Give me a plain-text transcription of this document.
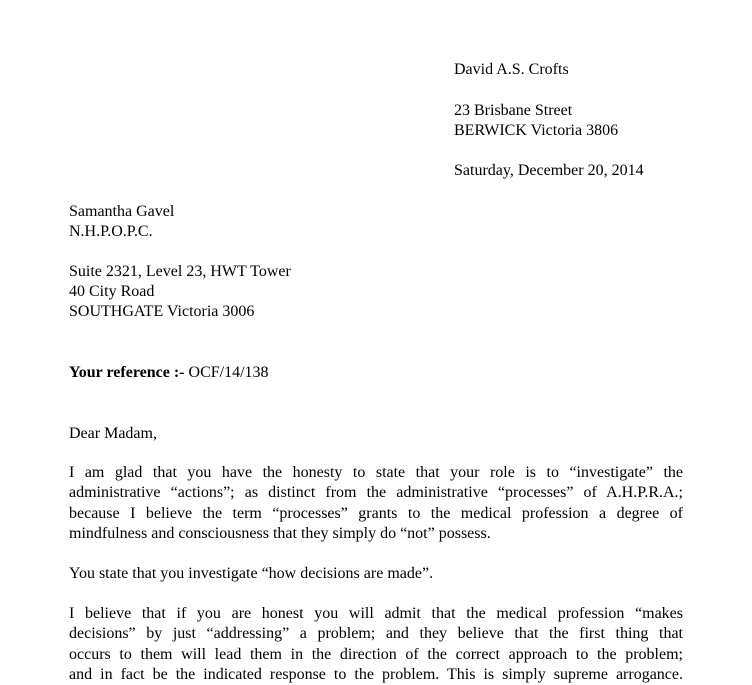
David A.S. Crofts
23 Brisbane Street
BERWICK Victoria 3806
Saturday, December 20, 2014
Samantha Gavel
N.H.P.O.P.C.
Suite 2321, Level 23, HWT Tower
40 City Road
SOUTHGATE Victoria 3006
Your reference :- OCF/14/138
Dear Madam,
I am glad that you have the honesty to state that your role is to “investigate” the
administrative “actions”; as distinct from the administrative “processes” of A.H.P.R.A.;
because I believe the term “processes” grants to the medical profession a degree of
mindfulness and consciousness that they simply do “not” possess.
You state that you investigate “how decisions are made”.
I believe that if you are honest you will admit that the medical profession “makes
decisions” by just “addressing” a problem; and they believe that the first thing that
occurs to them will lead them in the direction of the correct approach to the problem;
and in fact be the indicated response to the problem. This is simply supreme arrogance.
